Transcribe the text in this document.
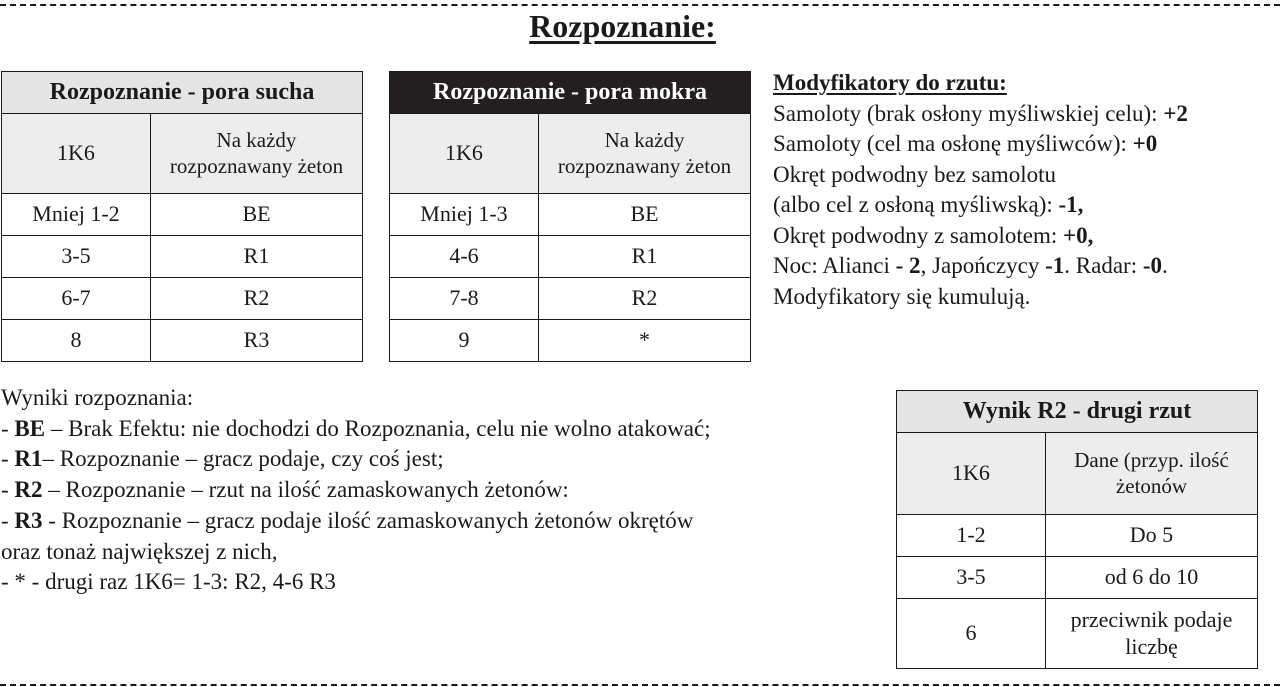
Rozpoznanie:
Rozpoznanie - pora sucha	
1K6	Na każdy
rozpoznawany żeton
Mniej 1-2	BE
3-5	R1
6-7	R2
8	R3
Rozpoznanie - pora mokra	
1K6	Na każdy
rozpoznawany żeton
Mniej 1-3	BE
4-6	R1
7-8	R2
9	*
Modyfikatory do rzutu:
Samoloty (brak osłony myśliwskiej celu): +2
Samoloty (cel ma osłonę myśliwców): +0
Okręt podwodny bez samolotu
(albo cel z osłoną myśliwską): -1,
Okręt podwodny z samolotem: +0,
Noc: Alianci - 2, Japończycy -1. Radar: -0.
Modyfikatory się kumulują.
Wyniki rozpoznania:
- BE – Brak Efektu: nie dochodzi do Rozpoznania, celu nie wolno atakować;
- R1– Rozpoznanie – gracz podaje, czy coś jest;
- R2 – Rozpoznanie – rzut na ilość zamaskowanych żetonów:
- R3 - Rozpoznanie – gracz podaje ilość zamaskowanych żetonów okrętów
oraz tonaż największej z nich,
- * - drugi raz 1K6= 1-3: R2, 4-6 R3
Wynik R2 - drugi rzut	
1K6	Dane (przyp. ilość
żetonów
1-2	Do 5
3-5	od 6 do 10
6	przeciwnik podaje
liczbę
